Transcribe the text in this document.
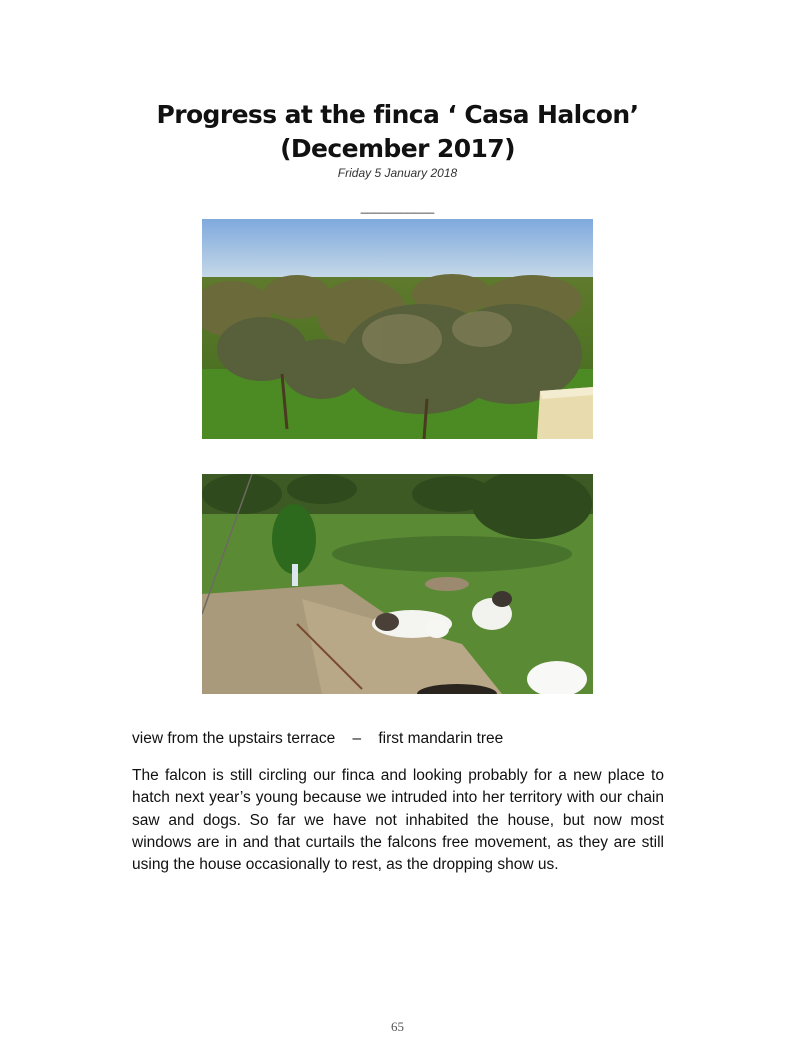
Progress at the finca ‘ Casa Halcon’
(December 2017)
Friday 5 January 2018
___________
view from the upstairs terrace    –    first mandarin tree

The falcon is still circling our finca and looking probably for a new place to hatch next year’s young because we intruded into her territory with our chain saw and dogs. So far we have not inhabited the house, but now most windows are in and that curtails the falcons free movement, as they are still using the house occasionally to rest, as the dropping show us.

65
